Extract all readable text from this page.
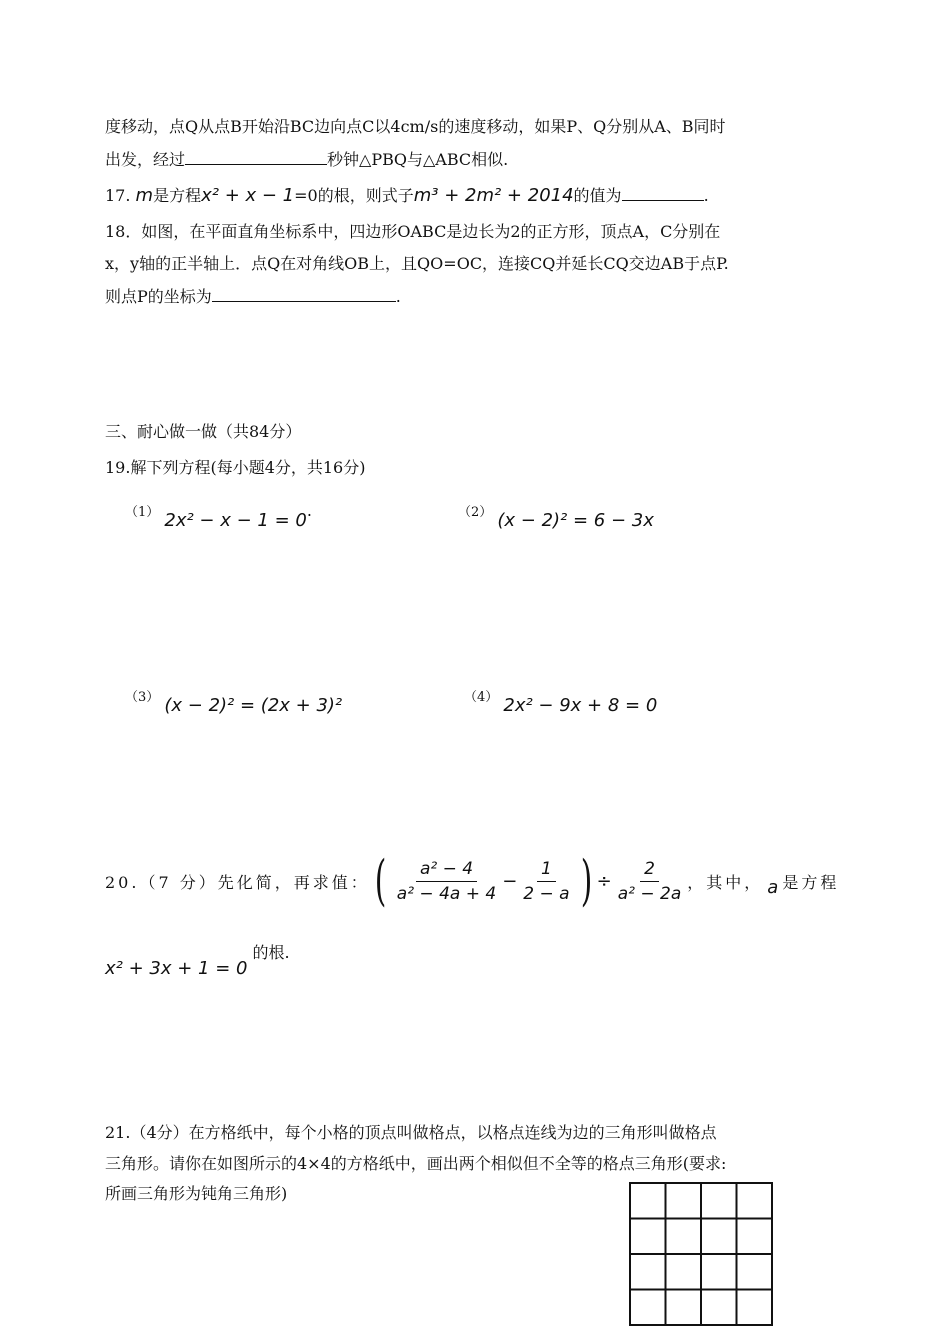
度移动，点Q从点B开始沿BC边向点C以4cm/s的速度移动，如果P、Q分别从A、B同时
出发，经过	秒钟△PBQ与△ABC相似.
17. m是方程x² + x − 1=0的根，则式子m³ + 2m² + 2014的值为	.
18．如图，在平面直角坐标系中，四边形OABC是边长为2的正方形，顶点A，C分别在
x，y轴的正半轴上．点Q在对角线OB上，且QO=OC，连接CQ并延长CQ交边AB于点P.
则点P的坐标为	.
三、耐心做一做（共84分）
19.解下列方程(每小题4分，共16分)
（1） 2x² − x − 1 = 0.	（2） (x − 2)² = 6 − 3x
（3） (x − 2)² = (2x + 3)²	（4） 2x² − 9x + 8 = 0
20.（7 分）先化简，再求值： ( $\frac{\text{a² − 4}}{\text{a² − 4a + 4}} - \frac{1}{2 - a}$ ) ÷ $\frac{2}{\text{a² − 2a}}$ ，其中， a 是方程
x² + 3x + 1 = 0 的根.
21.（4分）在方格纸中，每个小格的顶点叫做格点，以格点连线为边的三角形叫做格点
三角形。请你在如图所示的4×4的方格纸中，画出两个相似但不全等的格点三角形(要求:
所画三角形为钝角三角形)
